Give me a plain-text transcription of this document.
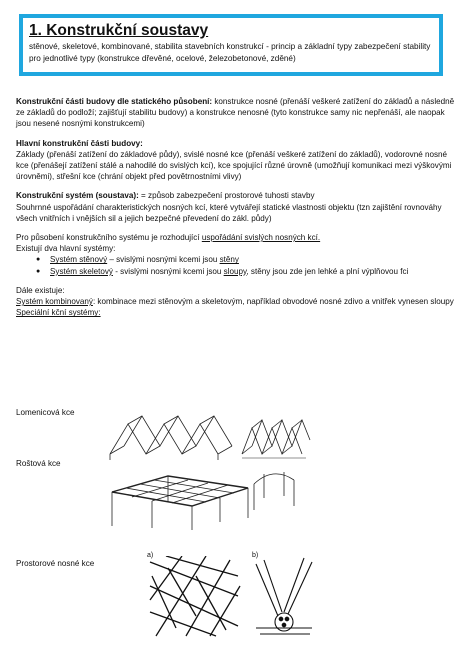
1. Konstrukční soustavy
stěnové, skeletové, kombinované, stabilita stavebních konstrukcí - princip a základní typy zabezpečení stability pro jednotlivé typy (konstrukce dřevěné, ocelové, železobetonové, zděné)

Konstrukční části budovy dle statického působení: konstrukce nosné (přenáší veškeré zatížení do základů a následně ze základů do podloží; zajišťují stabilitu budovy) a konstrukce nenosné (tyto konstrukce samy nic nepřenáší, ale naopak jsou nesené nosnými konstrukcemi)

Hlavní konstrukční části budovy:

Základy (přenáší zatížení do základové půdy), svislé nosné kce (přenáší veškeré zatížení do základů), vodorovné nosné kce (přenášejí zatížení stálé a nahodilé do svislých kcí), kce spojující různé úrovně (umožňují komunikaci mezi výškovými úrovněmi), střešní kce (chrání objekt před povětrnostními vlivy)

Konstrukční systém (soustava): = způsob zabezpečení prostorové tuhosti stavby

Souhrnné uspořádání charakteristických nosných kcí, které vytvářejí statické vlastnosti objektu (tzn zajištění rovnováhy všech vnitřních i vnějších sil a jejich bezpečné převedení do zákl. půdy)

Pro působení konstrukčního systému je rozhodující uspořádání svislých nosných kcí.

Existují dva hlavní systémy:

● Systém stěnový – svislými nosnými kcemi jsou stěny
● Systém skeletový - svislými nosnými kcemi jsou sloupy, stěny jsou zde jen lehké a plní výplňovou fci

Dále existuje:

Systém kombinovaný: kombinace mezi stěnovým a skeletovým, například obvodové nosné zdivo a vnitřek vynesen sloupy

Speciální kční systémy:

Lomenicová kce
Roštová kce
Prostorové nosné kce
a)	b)
